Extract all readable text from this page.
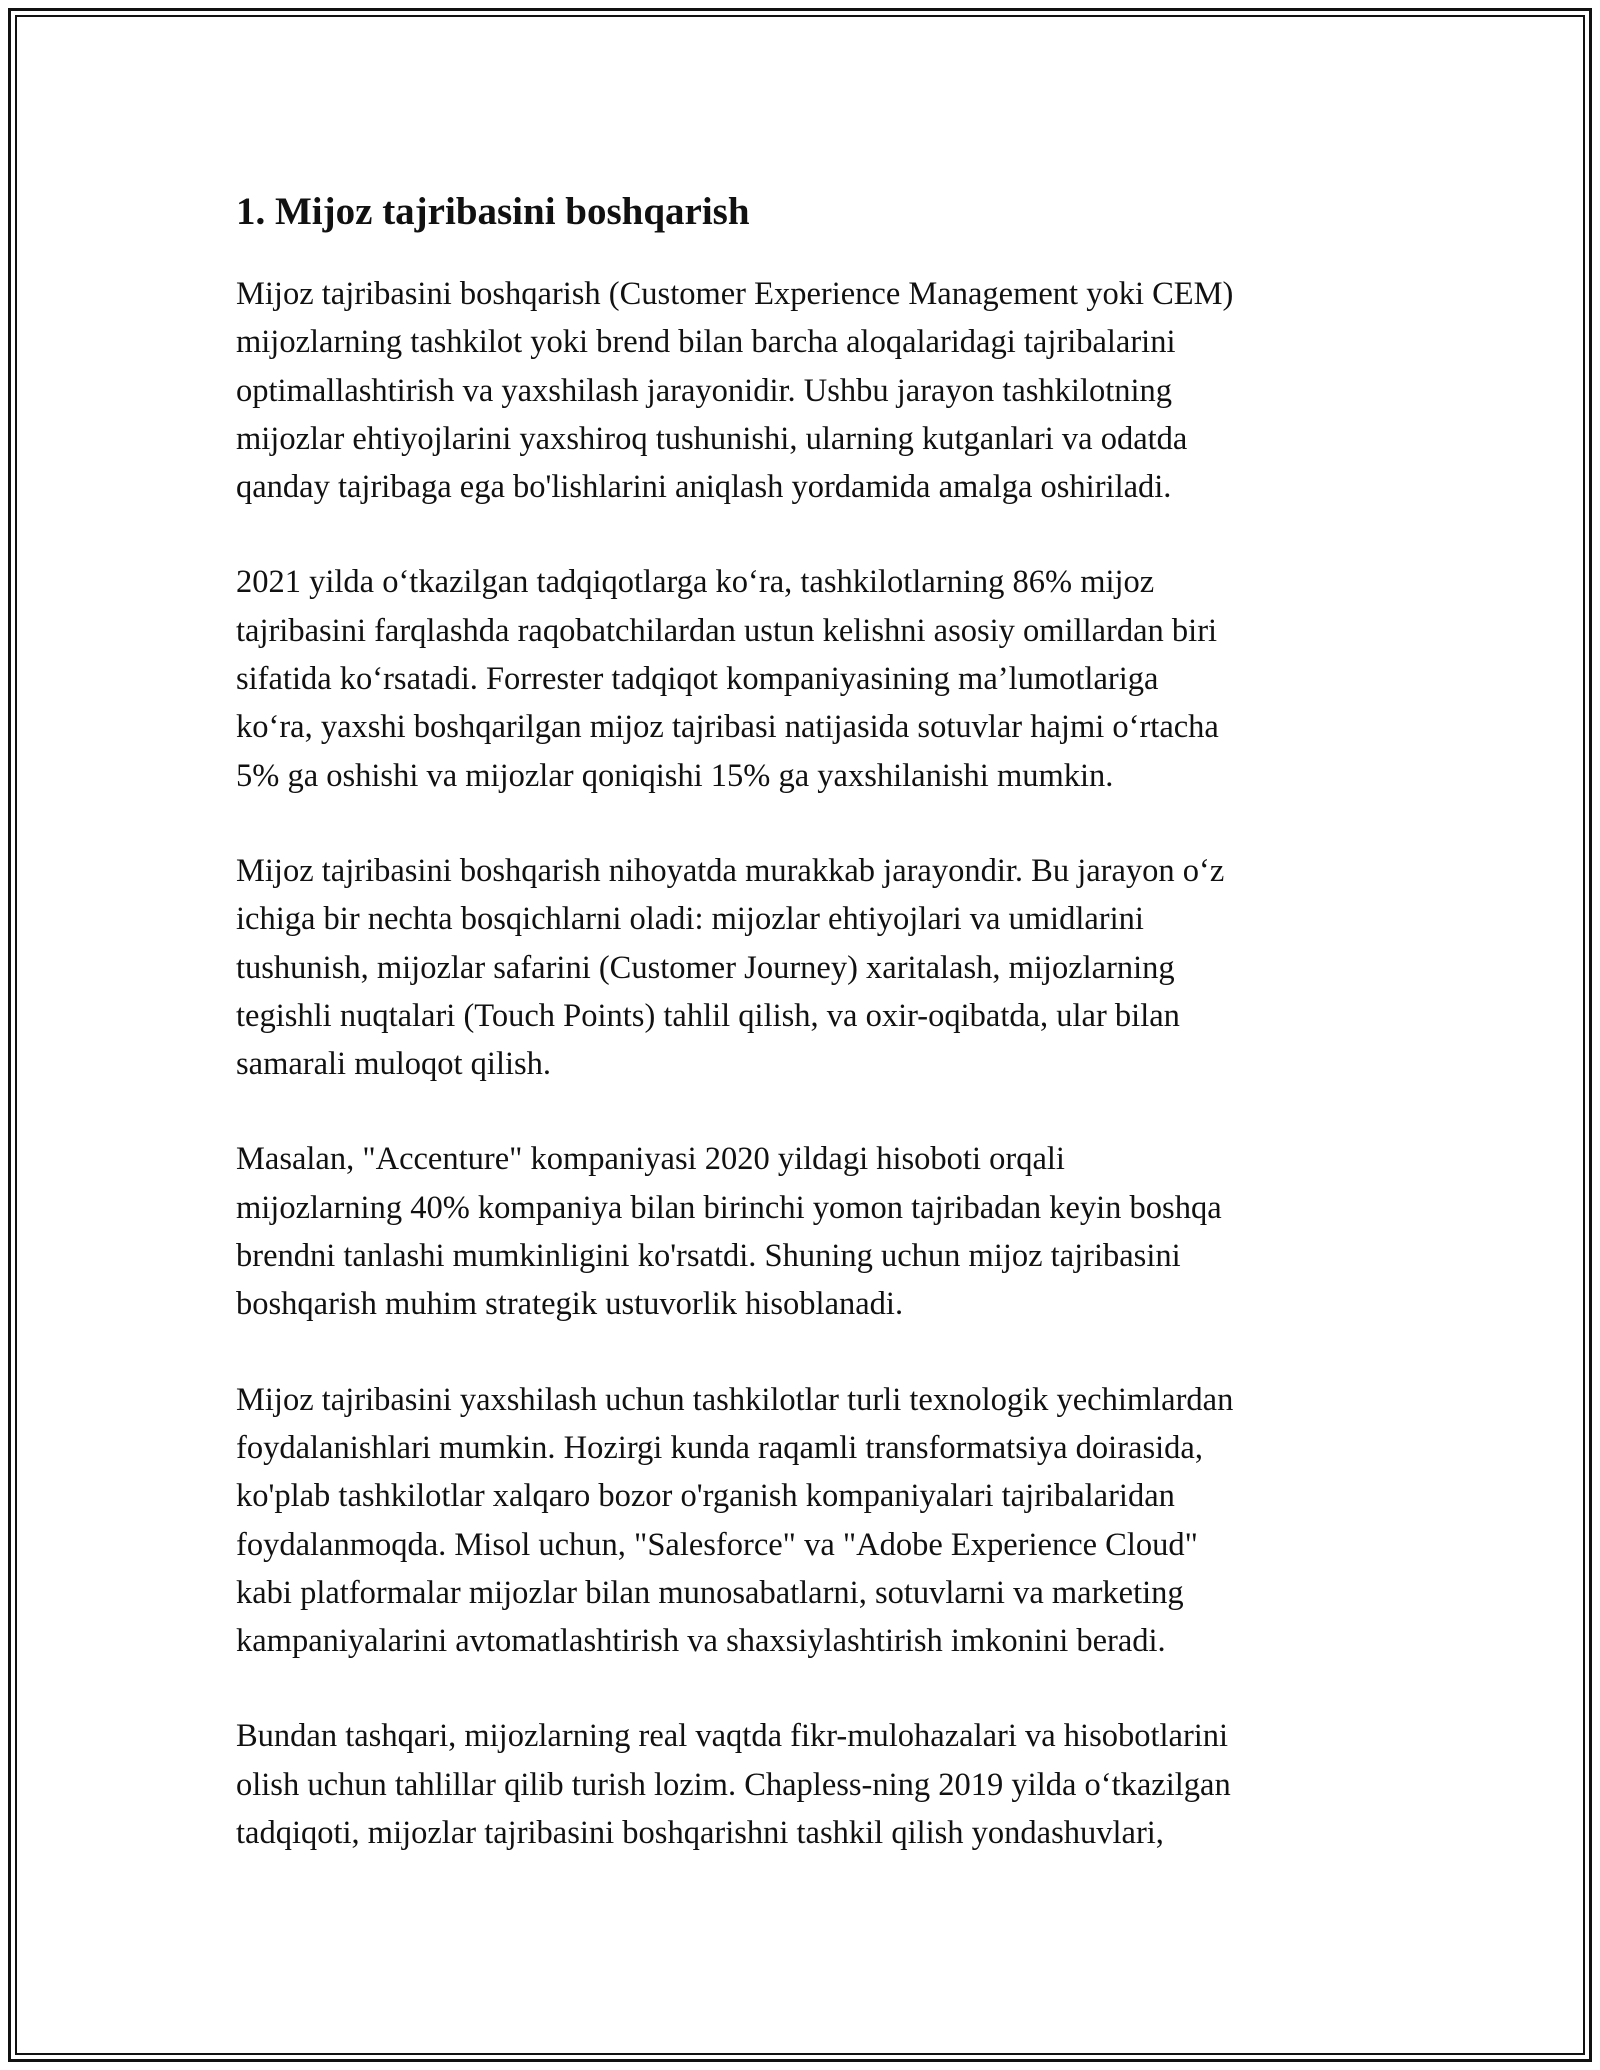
1. Mijoz tajribasini boshqarish

Mijoz tajribasini boshqarish (Customer Experience Management yoki CEM)
mijozlarning tashkilot yoki brend bilan barcha aloqalaridagi tajribalarini
optimallashtirish va yaxshilash jarayonidir. Ushbu jarayon tashkilotning
mijozlar ehtiyojlarini yaxshiroq tushunishi, ularning kutganlari va odatda
qanday tajribaga ega bo'lishlarini aniqlash yordamida amalga oshiriladi.

2021 yilda o‘tkazilgan tadqiqotlarga ko‘ra, tashkilotlarning 86% mijoz
tajribasini farqlashda raqobatchilardan ustun kelishni asosiy omillardan biri
sifatida ko‘rsatadi. Forrester tadqiqot kompaniyasining ma’lumotlariga
ko‘ra, yaxshi boshqarilgan mijoz tajribasi natijasida sotuvlar hajmi o‘rtacha
5% ga oshishi va mijozlar qoniqishi 15% ga yaxshilanishi mumkin.

Mijoz tajribasini boshqarish nihoyatda murakkab jarayondir. Bu jarayon o‘z
ichiga bir nechta bosqichlarni oladi: mijozlar ehtiyojlari va umidlarini
tushunish, mijozlar safarini (Customer Journey) xaritalash, mijozlarning
tegishli nuqtalari (Touch Points) tahlil qilish, va oxir-oqibatda, ular bilan
samarali muloqot qilish.

Masalan, "Accenture" kompaniyasi 2020 yildagi hisoboti orqali
mijozlarning 40% kompaniya bilan birinchi yomon tajribadan keyin boshqa
brendni tanlashi mumkinligini ko'rsatdi. Shuning uchun mijoz tajribasini
boshqarish muhim strategik ustuvorlik hisoblanadi.

Mijoz tajribasini yaxshilash uchun tashkilotlar turli texnologik yechimlardan
foydalanishlari mumkin. Hozirgi kunda raqamli transformatsiya doirasida,
ko'plab tashkilotlar xalqaro bozor o'rganish kompaniyalari tajribalaridan
foydalanmoqda. Misol uchun, "Salesforce" va "Adobe Experience Cloud"
kabi platformalar mijozlar bilan munosabatlarni, sotuvlarni va marketing
kampaniyalarini avtomatlashtirish va shaxsiylashtirish imkonini beradi.

Bundan tashqari, mijozlarning real vaqtda fikr-mulohazalari va hisobotlarini
olish uchun tahlillar qilib turish lozim. Chapless-ning 2019 yilda o‘tkazilgan
tadqiqoti, mijozlar tajribasini boshqarishni tashkil qilish yondashuvlari,
